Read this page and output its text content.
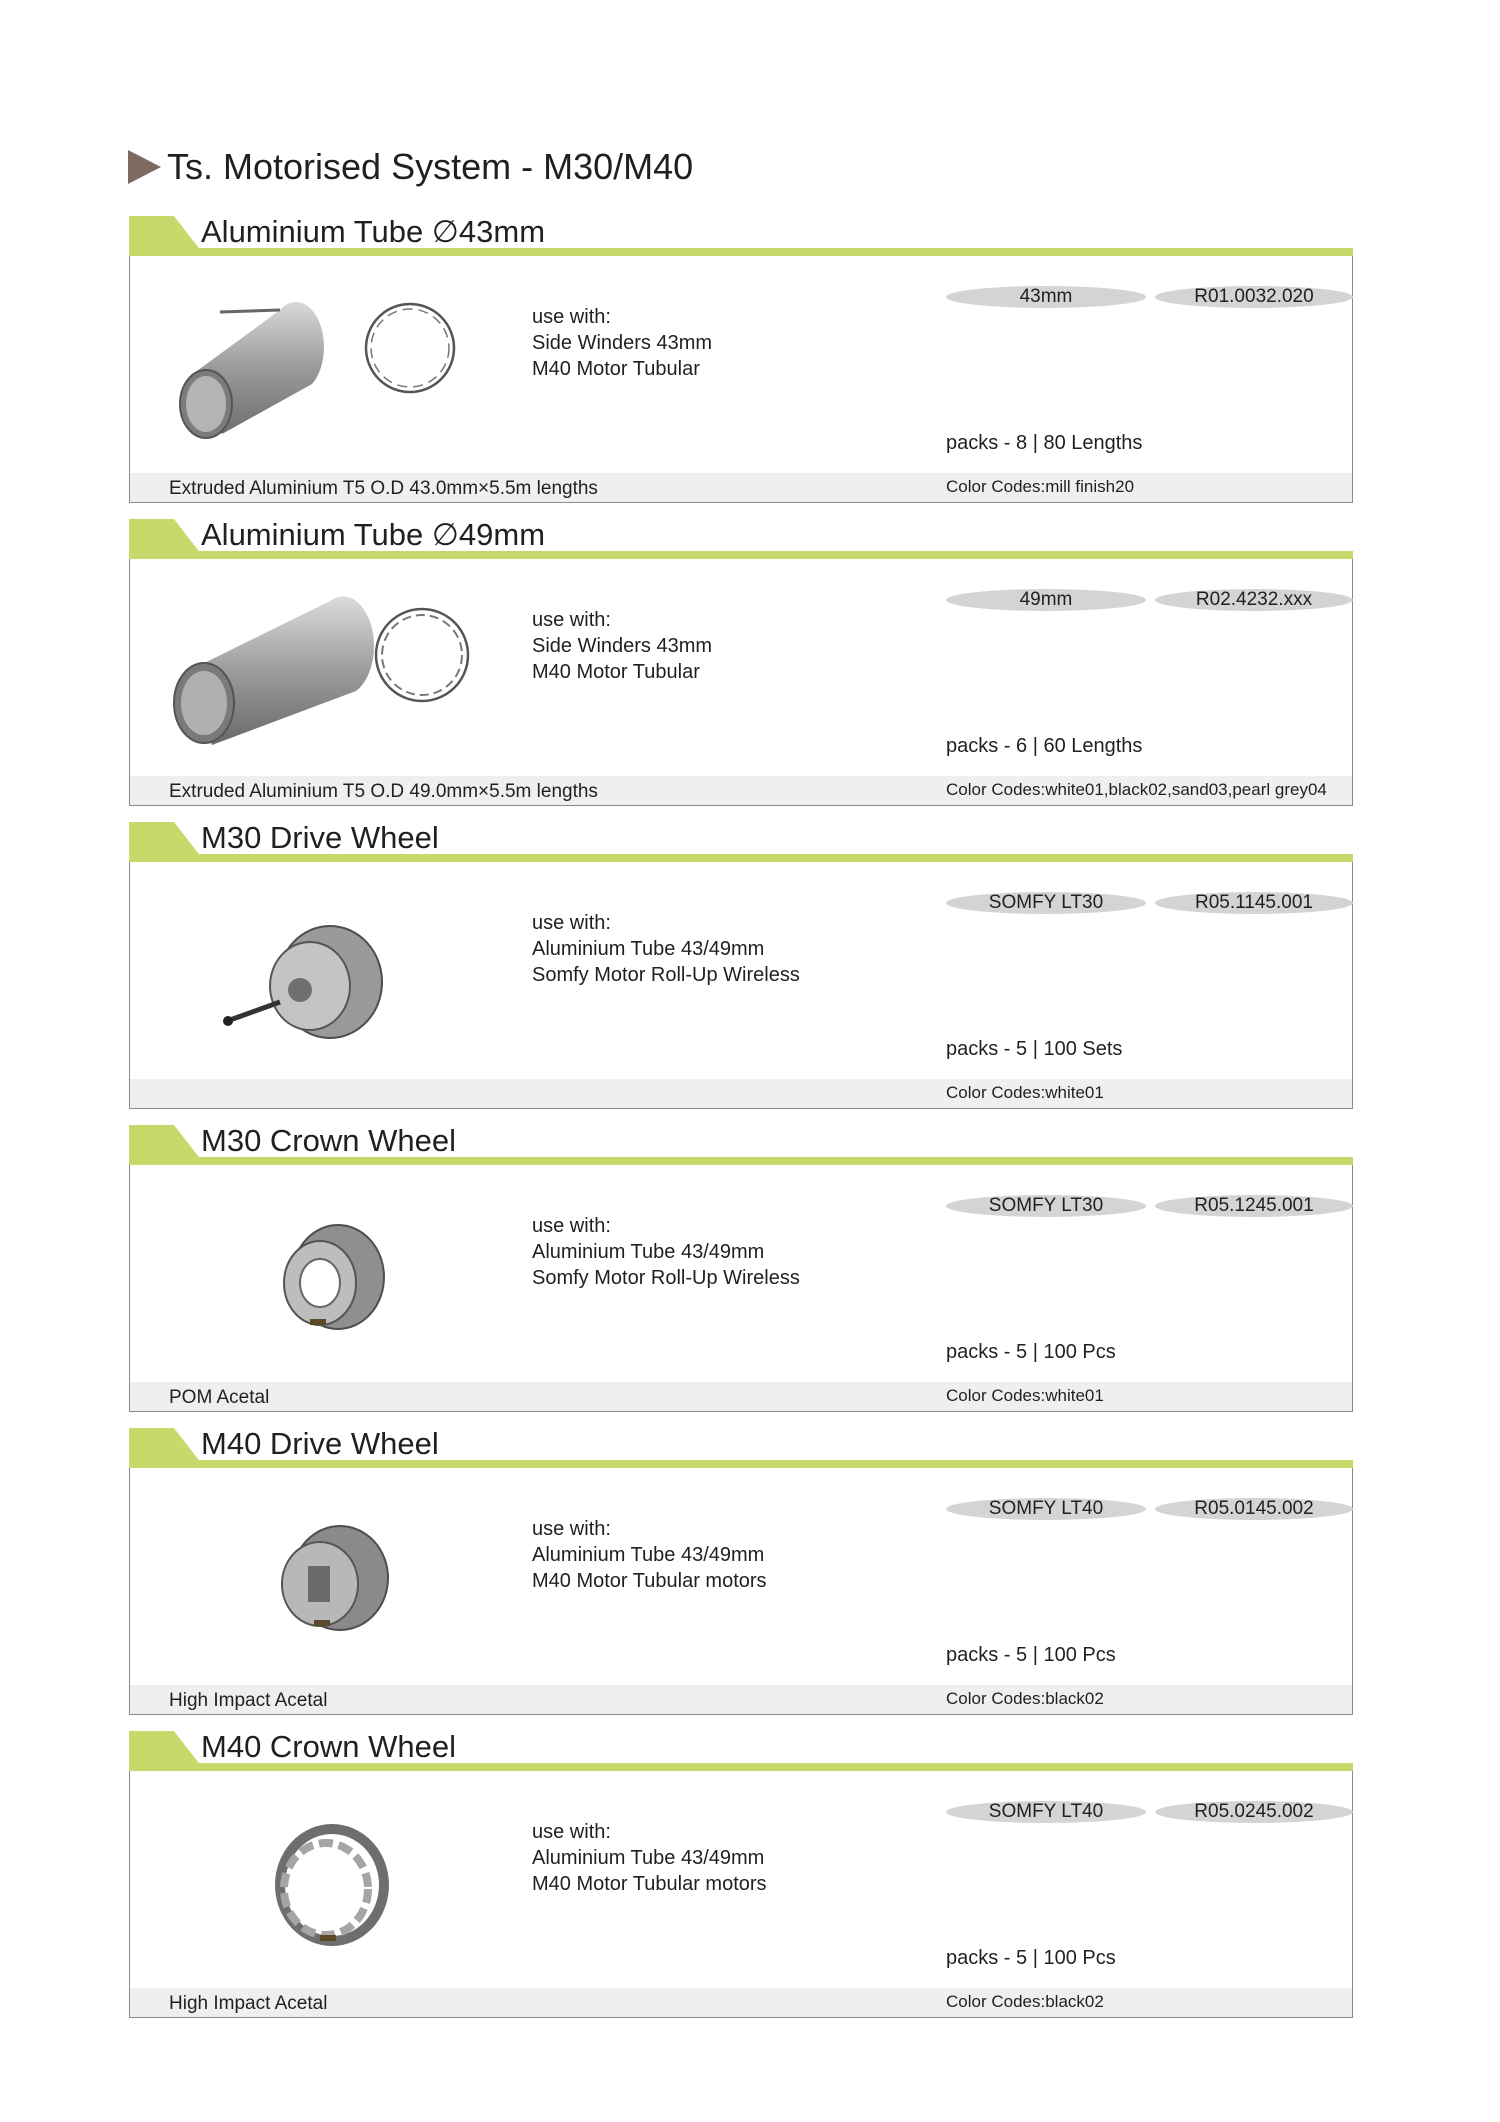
Ts. Motorised System - M30/M40
Aluminium Tube ∅43mm
use with:
Side Winders 43mm
M40 Motor Tubular
43mm	R01.0032.020
packs - 8 | 80 Lengths
Extruded Aluminium T5 O.D 43.0mm×5.5m lengths	Color Codes:mill finish20
Aluminium Tube ∅49mm
use with:
Side Winders 43mm
M40 Motor Tubular
49mm	R02.4232.xxx
packs - 6 | 60 Lengths
Extruded Aluminium T5 O.D 49.0mm×5.5m lengths	Color Codes:white01,black02,sand03,pearl grey04
M30 Drive Wheel
use with:
Aluminium Tube 43/49mm
Somfy Motor Roll-Up Wireless
SOMFY LT30	R05.1145.001
packs - 5 | 100 Sets
Color Codes:white01
M30 Crown Wheel
use with:
Aluminium Tube 43/49mm
Somfy Motor Roll-Up Wireless
SOMFY LT30	R05.1245.001
packs - 5 | 100 Pcs
POM Acetal	Color Codes:white01
M40 Drive Wheel
use with:
Aluminium Tube 43/49mm
M40 Motor Tubular motors
SOMFY LT40	R05.0145.002
packs - 5 | 100 Pcs
High Impact Acetal	Color Codes:black02
M40 Crown Wheel
use with:
Aluminium Tube 43/49mm
M40 Motor Tubular motors
SOMFY LT40	R05.0245.002
packs - 5 | 100 Pcs
High Impact Acetal	Color Codes:black02
